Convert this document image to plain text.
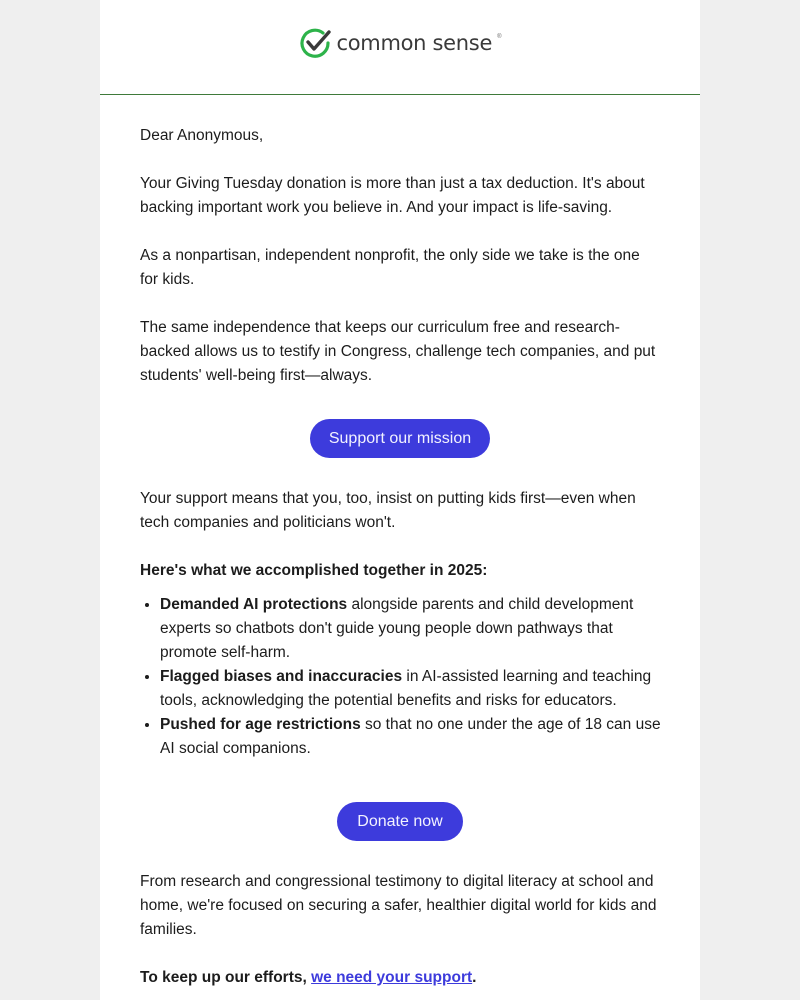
common sense ®

Dear Anonymous,

Your Giving Tuesday donation is more than just a tax deduction. It's about backing important work you believe in. And your impact is life-saving.

As a nonpartisan, independent nonprofit, the only side we take is the one for kids.

The same independence that keeps our curriculum free and research-backed allows us to testify in Congress, challenge tech companies, and put students' well-being first—always.

Support our mission

Your support means that you, too, insist on putting kids first—even when tech companies and politicians won't.

Here's what we accomplished together in 2025:

• Demanded AI protections alongside parents and child development experts so chatbots don't guide young people down pathways that promote self-harm.
• Flagged biases and inaccuracies in AI-assisted learning and teaching tools, acknowledging the potential benefits and risks for educators.
• Pushed for age restrictions so that no one under the age of 18 can use AI social companions.
Donate now

From research and congressional testimony to digital literacy at school and home, we're focused on securing a safer, healthier digital world for kids and families.

To keep up our efforts, we need your support.
